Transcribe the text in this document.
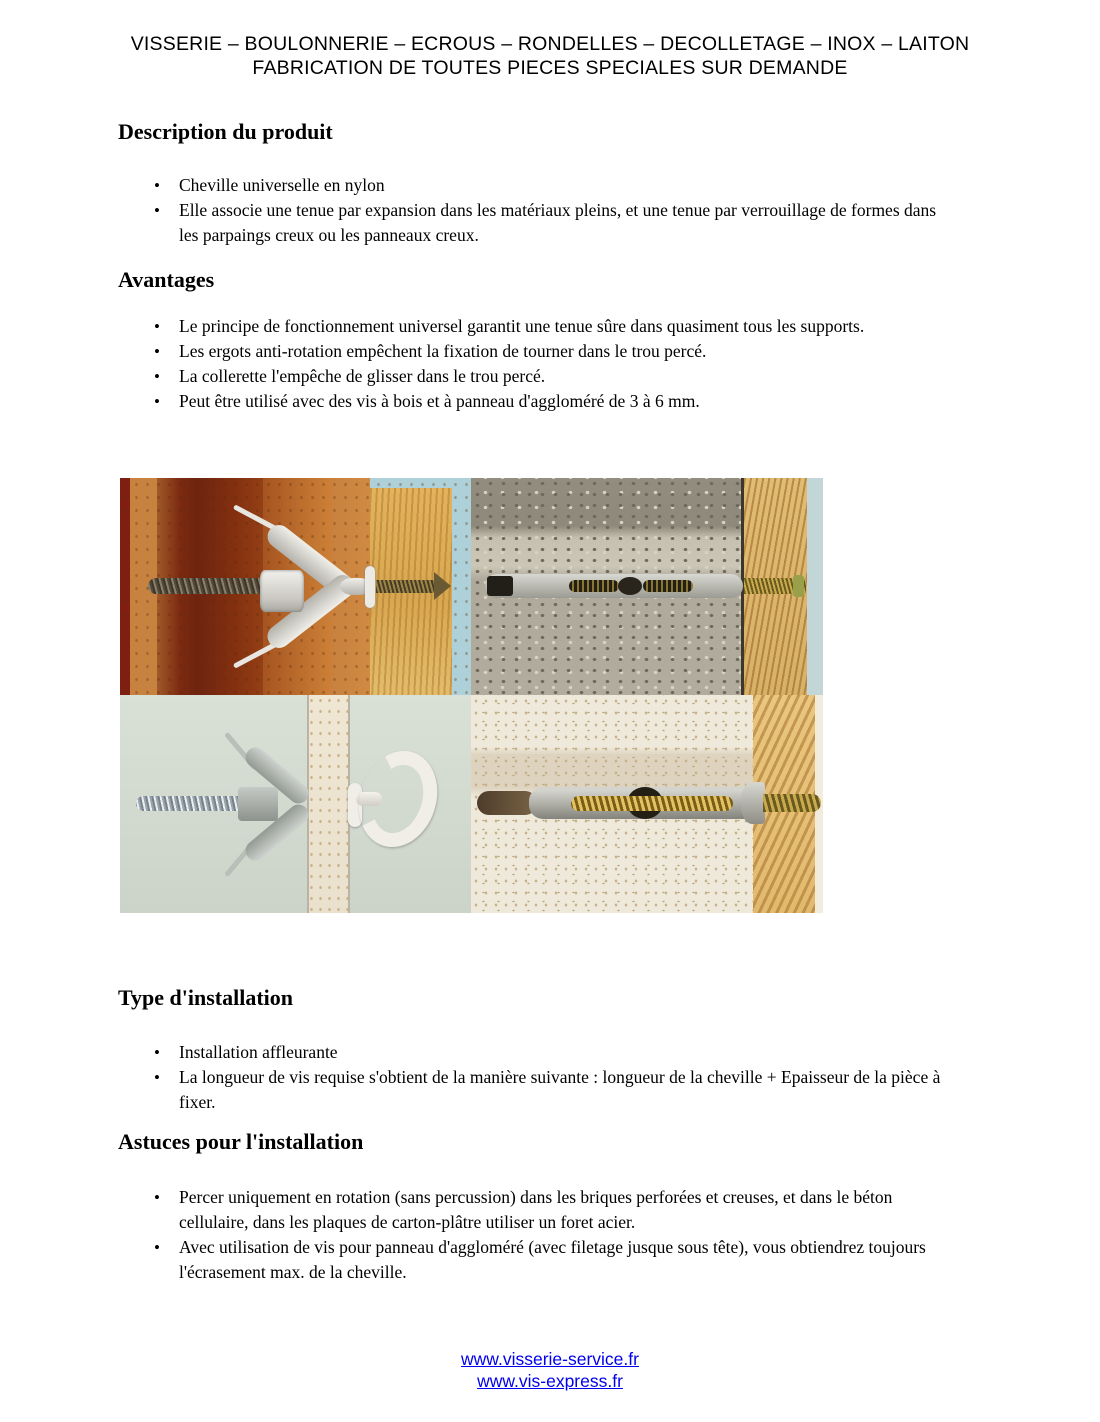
VISSERIE – BOULONNERIE – ECROUS – RONDELLES – DECOLLETAGE – INOX – LAITON
FABRICATION DE TOUTES PIECES SPECIALES SUR DEMANDE
Description du produit
• Cheville universelle en nylon
• Elle associe une tenue par expansion dans les matériaux pleins, et une tenue par verrouillage de formes dans les parpaings creux ou les panneaux creux.
Avantages
• Le principe de fonctionnement universel garantit une tenue sûre dans quasiment tous les supports.
• Les ergots anti-rotation empêchent la fixation de tourner dans le trou percé.
• La collerette l'empêche de glisser dans le trou percé.
• Peut être utilisé avec des vis à bois et à panneau d'aggloméré de 3 à 6 mm.
Type d'installation
• Installation affleurante
• La longueur de vis requise s'obtient de la manière suivante : longueur de la cheville + Epaisseur de la pièce à fixer.
Astuces pour l'installation
• Percer uniquement en rotation (sans percussion) dans les briques perforées et creuses, et dans le béton cellulaire, dans les plaques de carton-plâtre utiliser un foret acier.
• Avec utilisation de vis pour panneau d'aggloméré (avec filetage jusque sous tête), vous obtiendrez toujours l'écrasement max. de la cheville.
www.visserie-service.fr
www.vis-express.fr
